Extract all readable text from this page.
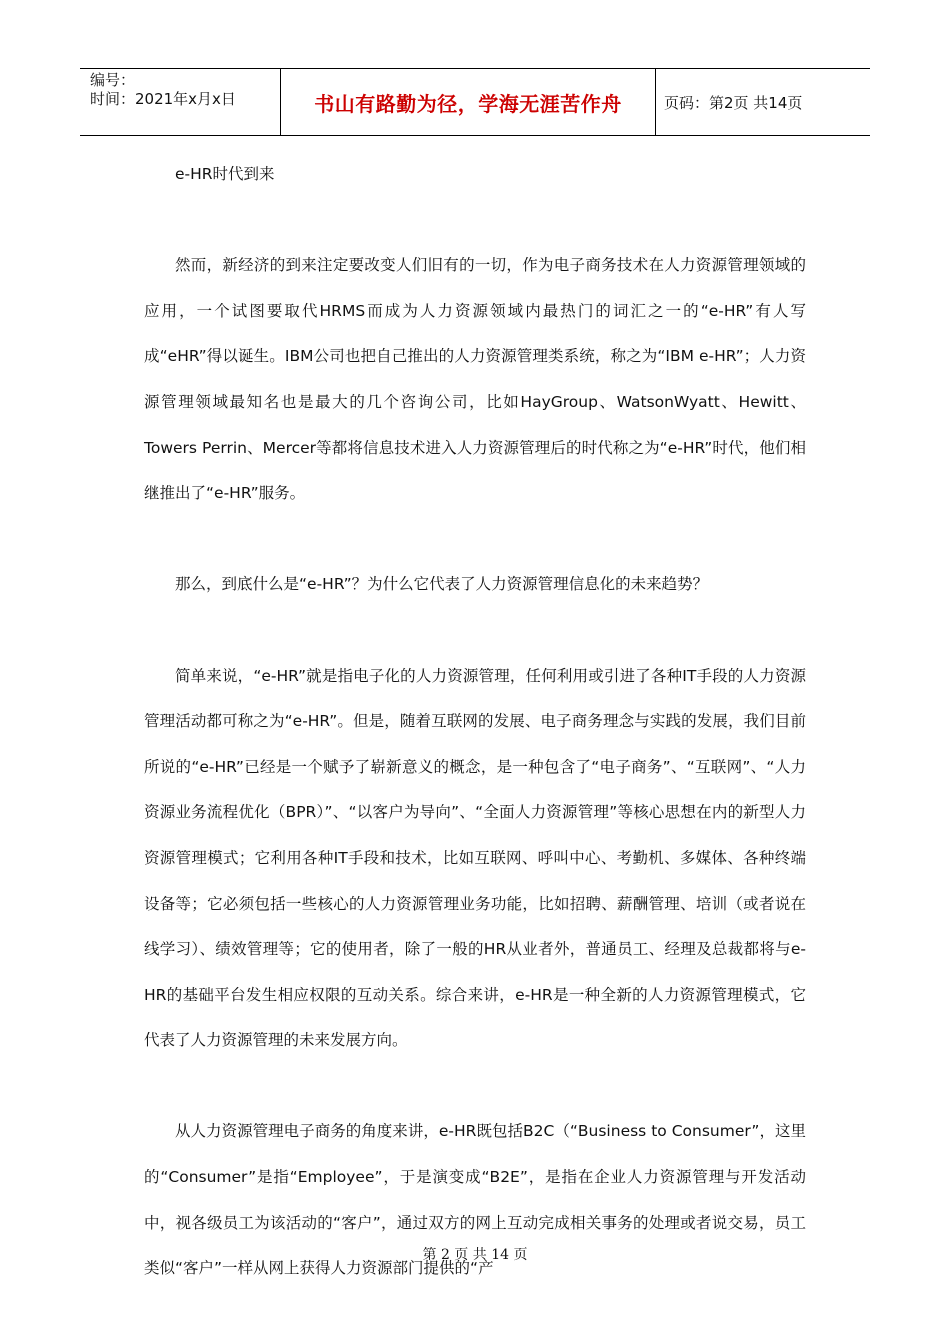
编号：
时间：2021年x月x日	书山有路勤为径，学海无涯苦作舟	页码：第2页 共14页

e-HR时代到来

然而，新经济的到来注定要改变人们旧有的一切，作为电子商务技术在人力资源管理领域的应用，一个试图要取代HRMS而成为人力资源领域内最热门的词汇之一的“e-HR”有人写成“eHR”得以诞生。IBM公司也把自己推出的人力资源管理类系统，称之为“IBM e-HR”；人力资源管理领域最知名也是最大的几个咨询公司，比如HayGroup、WatsonWyatt、Hewitt、Towers Perrin、Mercer等都将信息技术进入人力资源管理后的时代称之为“e-HR”时代，他们相继推出了“e-HR”服务。

那么，到底什么是“e-HR”？为什么它代表了人力资源管理信息化的未来趋势？

简单来说，“e-HR”就是指电子化的人力资源管理，任何利用或引进了各种IT手段的人力资源管理活动都可称之为“e-HR”。但是，随着互联网的发展、电子商务理念与实践的发展，我们目前所说的“e-HR”已经是一个赋予了崭新意义的概念，是一种包含了“电子商务”、“互联网”、“人力资源业务流程优化（BPR）”、“以客户为导向”、“全面人力资源管理”等核心思想在内的新型人力资源管理模式；它利用各种IT手段和技术，比如互联网、呼叫中心、考勤机、多媒体、各种终端设备等；它必须包括一些核心的人力资源管理业务功能，比如招聘、薪酬管理、培训（或者说在线学习）、绩效管理等；它的使用者，除了一般的HR从业者外，普通员工、经理及总裁都将与e-HR的基础平台发生相应权限的互动关系。综合来讲，e-HR是一种全新的人力资源管理模式，它代表了人力资源管理的未来发展方向。

从人力资源管理电子商务的角度来讲，e-HR既包括B2C（“Business to Consumer”，这里的“Consumer”是指“Employee”，于是演变成“B2E”，是指在企业人力资源管理与开发活动中，视各级员工为该活动的“客户”，通过双方的网上互动完成相关事务的处理或者说交易，员工类似“客户”一样从网上获得人力资源部门提供的“产

第 2 页 共 14 页
